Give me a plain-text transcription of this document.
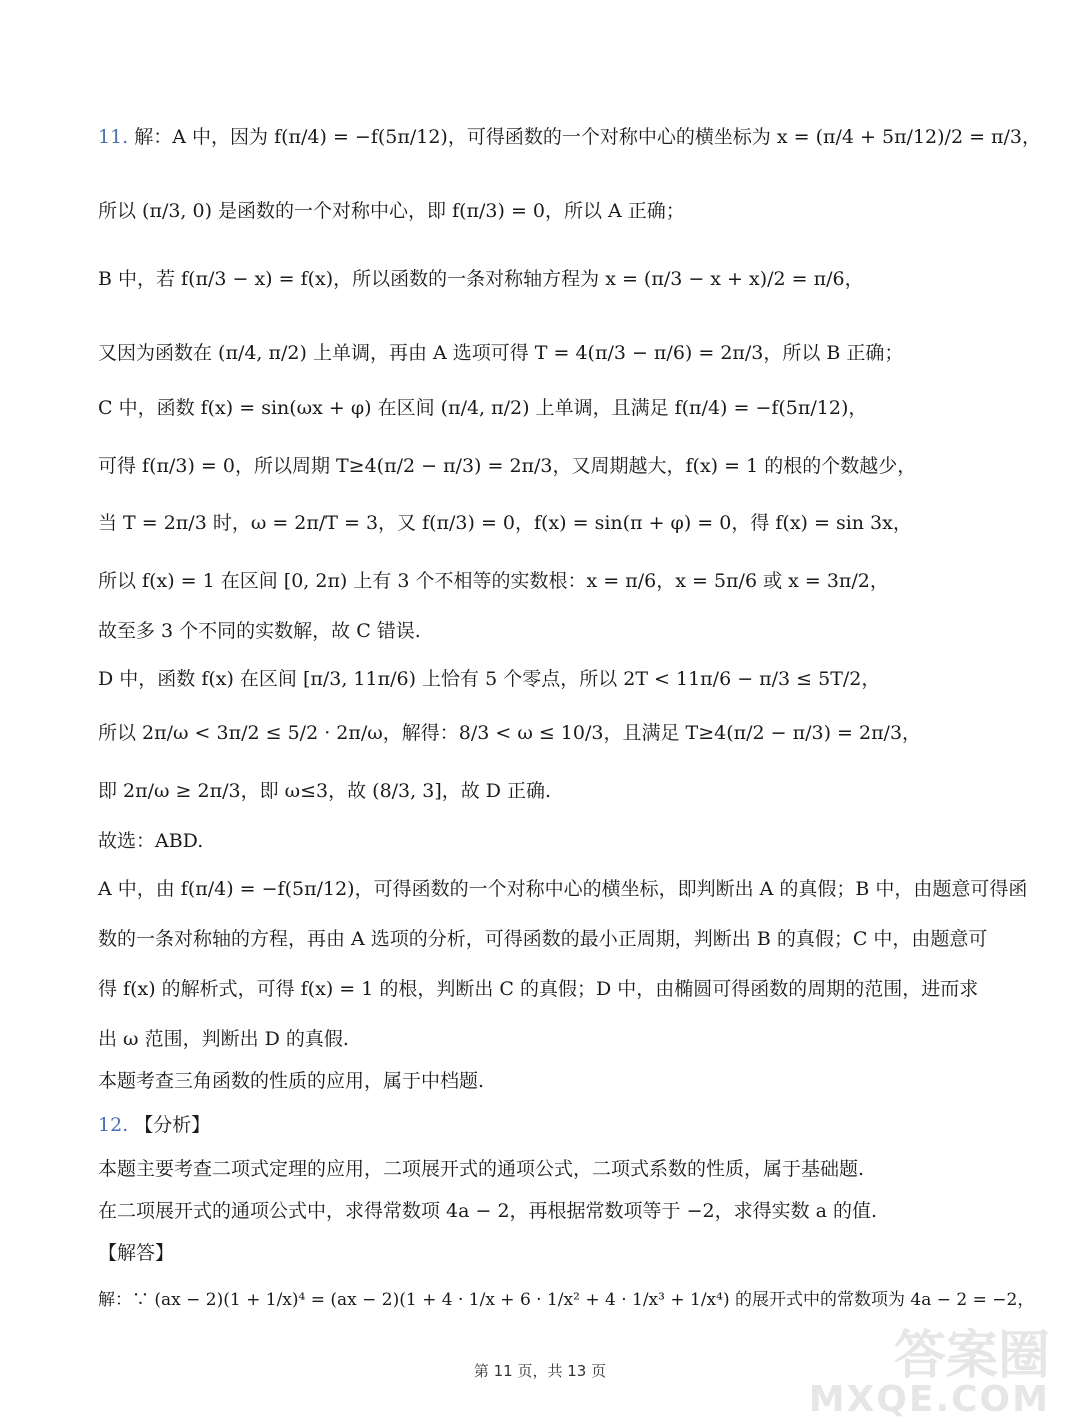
11. 解：A 中，因为 f(π/4) = −f(5π/12)，可得函数的一个对称中心的横坐标为 x = (π/4 + 5π/12)/2 = π/3，
所以 (π/3, 0) 是函数的一个对称中心，即 f(π/3) = 0，所以 A 正确；
B 中，若 f(π/3 − x) = f(x)，所以函数的一条对称轴方程为 x = (π/3 − x + x)/2 = π/6，
又因为函数在 (π/4, π/2) 上单调，再由 A 选项可得 T = 4(π/3 − π/6) = 2π/3，所以 B 正确；
C 中，函数 f(x) = sin(ωx + φ) 在区间 (π/4, π/2) 上单调，且满足 f(π/4) = −f(5π/12)，
可得 f(π/3) = 0，所以周期 T≥4(π/2 − π/3) = 2π/3，又周期越大，f(x) = 1 的根的个数越少，
当 T = 2π/3 时，ω = 2π/T = 3，又 f(π/3) = 0，f(x) = sin(π + φ) = 0，得 f(x) = sin 3x，
所以 f(x) = 1 在区间 [0, 2π) 上有 3 个不相等的实数根：x = π/6，x = 5π/6 或 x = 3π/2，
故至多 3 个不同的实数解，故 C 错误.
D 中，函数 f(x) 在区间 [π/3, 11π/6) 上恰有 5 个零点，所以 2T < 11π/6 − π/3 ≤ 5T/2，
所以 2π/ω < 3π/2 ≤ 5/2 · 2π/ω，解得：8/3 < ω ≤ 10/3，且满足 T≥4(π/2 − π/3) = 2π/3，
即 2π/ω ≥ 2π/3，即 ω≤3，故 (8/3, 3]，故 D 正确.
故选：ABD.
A 中，由 f(π/4) = −f(5π/12)，可得函数的一个对称中心的横坐标，即判断出 A 的真假；B 中，由题意可得函
数的一条对称轴的方程，再由 A 选项的分析，可得函数的最小正周期，判断出 B 的真假；C 中，由题意可
得 f(x) 的解析式，可得 f(x) = 1 的根，判断出 C 的真假；D 中，由椭圆可得函数的周期的范围，进而求
出 ω 范围，判断出 D 的真假.
本题考查三角函数的性质的应用，属于中档题.
12. 【分析】
本题主要考查二项式定理的应用，二项展开式的通项公式，二项式系数的性质，属于基础题.
在二项展开式的通项公式中，求得常数项 4a − 2，再根据常数项等于 −2，求得实数 a 的值.
【解答】
解：∵ (ax − 2)(1 + 1/x)⁴ = (ax − 2)(1 + 4 · 1/x + 6 · 1/x² + 4 · 1/x³ + 1/x⁴) 的展开式中的常数项为 4a − 2 = −2，
第 11 页，共 13 页	答案圈
MXQE.COM
